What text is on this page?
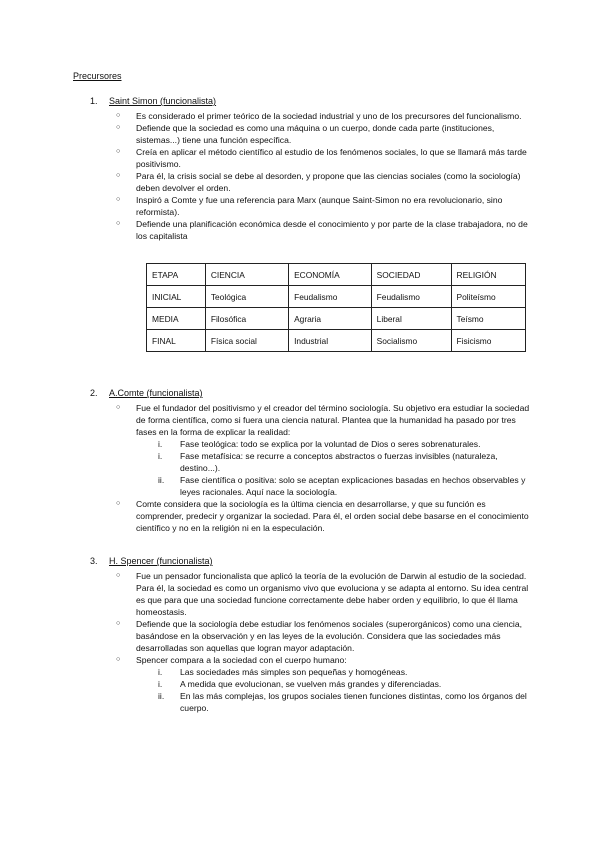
Precursores
1.	Saint Simon (funcionalista)
○ Es considerado el primer teórico de la sociedad industrial y uno de los precursores del funcionalismo.
○ Defiende que la sociedad es como una máquina o un cuerpo, donde cada parte (instituciones, sistemas...) tiene una función específica.
○ Creía en aplicar el método científico al estudio de los fenómenos sociales, lo que se llamará más tarde positivismo.
○ Para él, la crisis social se debe al desorden, y propone que las ciencias sociales (como la sociología) deben devolver el orden.
○ Inspiró a Comte y fue una referencia para Marx (aunque Saint-Simon no era revolucionario, sino reformista).
○ Defiende una planificación económica desde el conocimiento y por parte de la clase trabajadora, no de los capitalista
ETAPA	CIENCIA	ECONOMÍA	SOCIEDAD	RELIGIÓN
INICIAL	Teológica	Feudalismo	Feudalismo	Politeísmo
MEDIA	Filosófica	Agraria	Liberal	Teísmo
FINAL	Física social	Industrial	Socialismo	Fisicismo
2.	A.Comte (funcionalista)
○ Fue el fundador del positivismo y el creador del término sociología. Su objetivo era estudiar la sociedad de forma científica, como si fuera una ciencia natural. Plantea que la humanidad ha pasado por tres fases en la forma de explicar la realidad:
i. Fase teológica: todo se explica por la voluntad de Dios o seres sobrenaturales.
i. Fase metafísica: se recurre a conceptos abstractos o fuerzas invisibles (naturaleza, destino...).
ii. Fase científica o positiva: solo se aceptan explicaciones basadas en hechos observables y leyes racionales. Aquí nace la sociología.
○ Comte considera que la sociología es la última ciencia en desarrollarse, y que su función es comprender, predecir y organizar la sociedad. Para él, el orden social debe basarse en el conocimiento científico y no en la religión ni en la especulación.
3.	H. Spencer (funcionalista)
○ Fue un pensador funcionalista que aplicó la teoría de la evolución de Darwin al estudio de la sociedad. Para él, la sociedad es como un organismo vivo que evoluciona y se adapta al entorno. Su idea central es que para que una sociedad funcione correctamente debe haber orden y equilibrio, lo que él llama homeostasis.
○ Defiende que la sociología debe estudiar los fenómenos sociales (superorgánicos) como una ciencia, basándose en la observación y en las leyes de la evolución. Considera que las sociedades más desarrolladas son aquellas que logran mayor adaptación.
○ Spencer compara a la sociedad con el cuerpo humano:
i. Las sociedades más simples son pequeñas y homogéneas.
i. A medida que evolucionan, se vuelven más grandes y diferenciadas.
ii. En las más complejas, los grupos sociales tienen funciones distintas, como los órganos del cuerpo.
